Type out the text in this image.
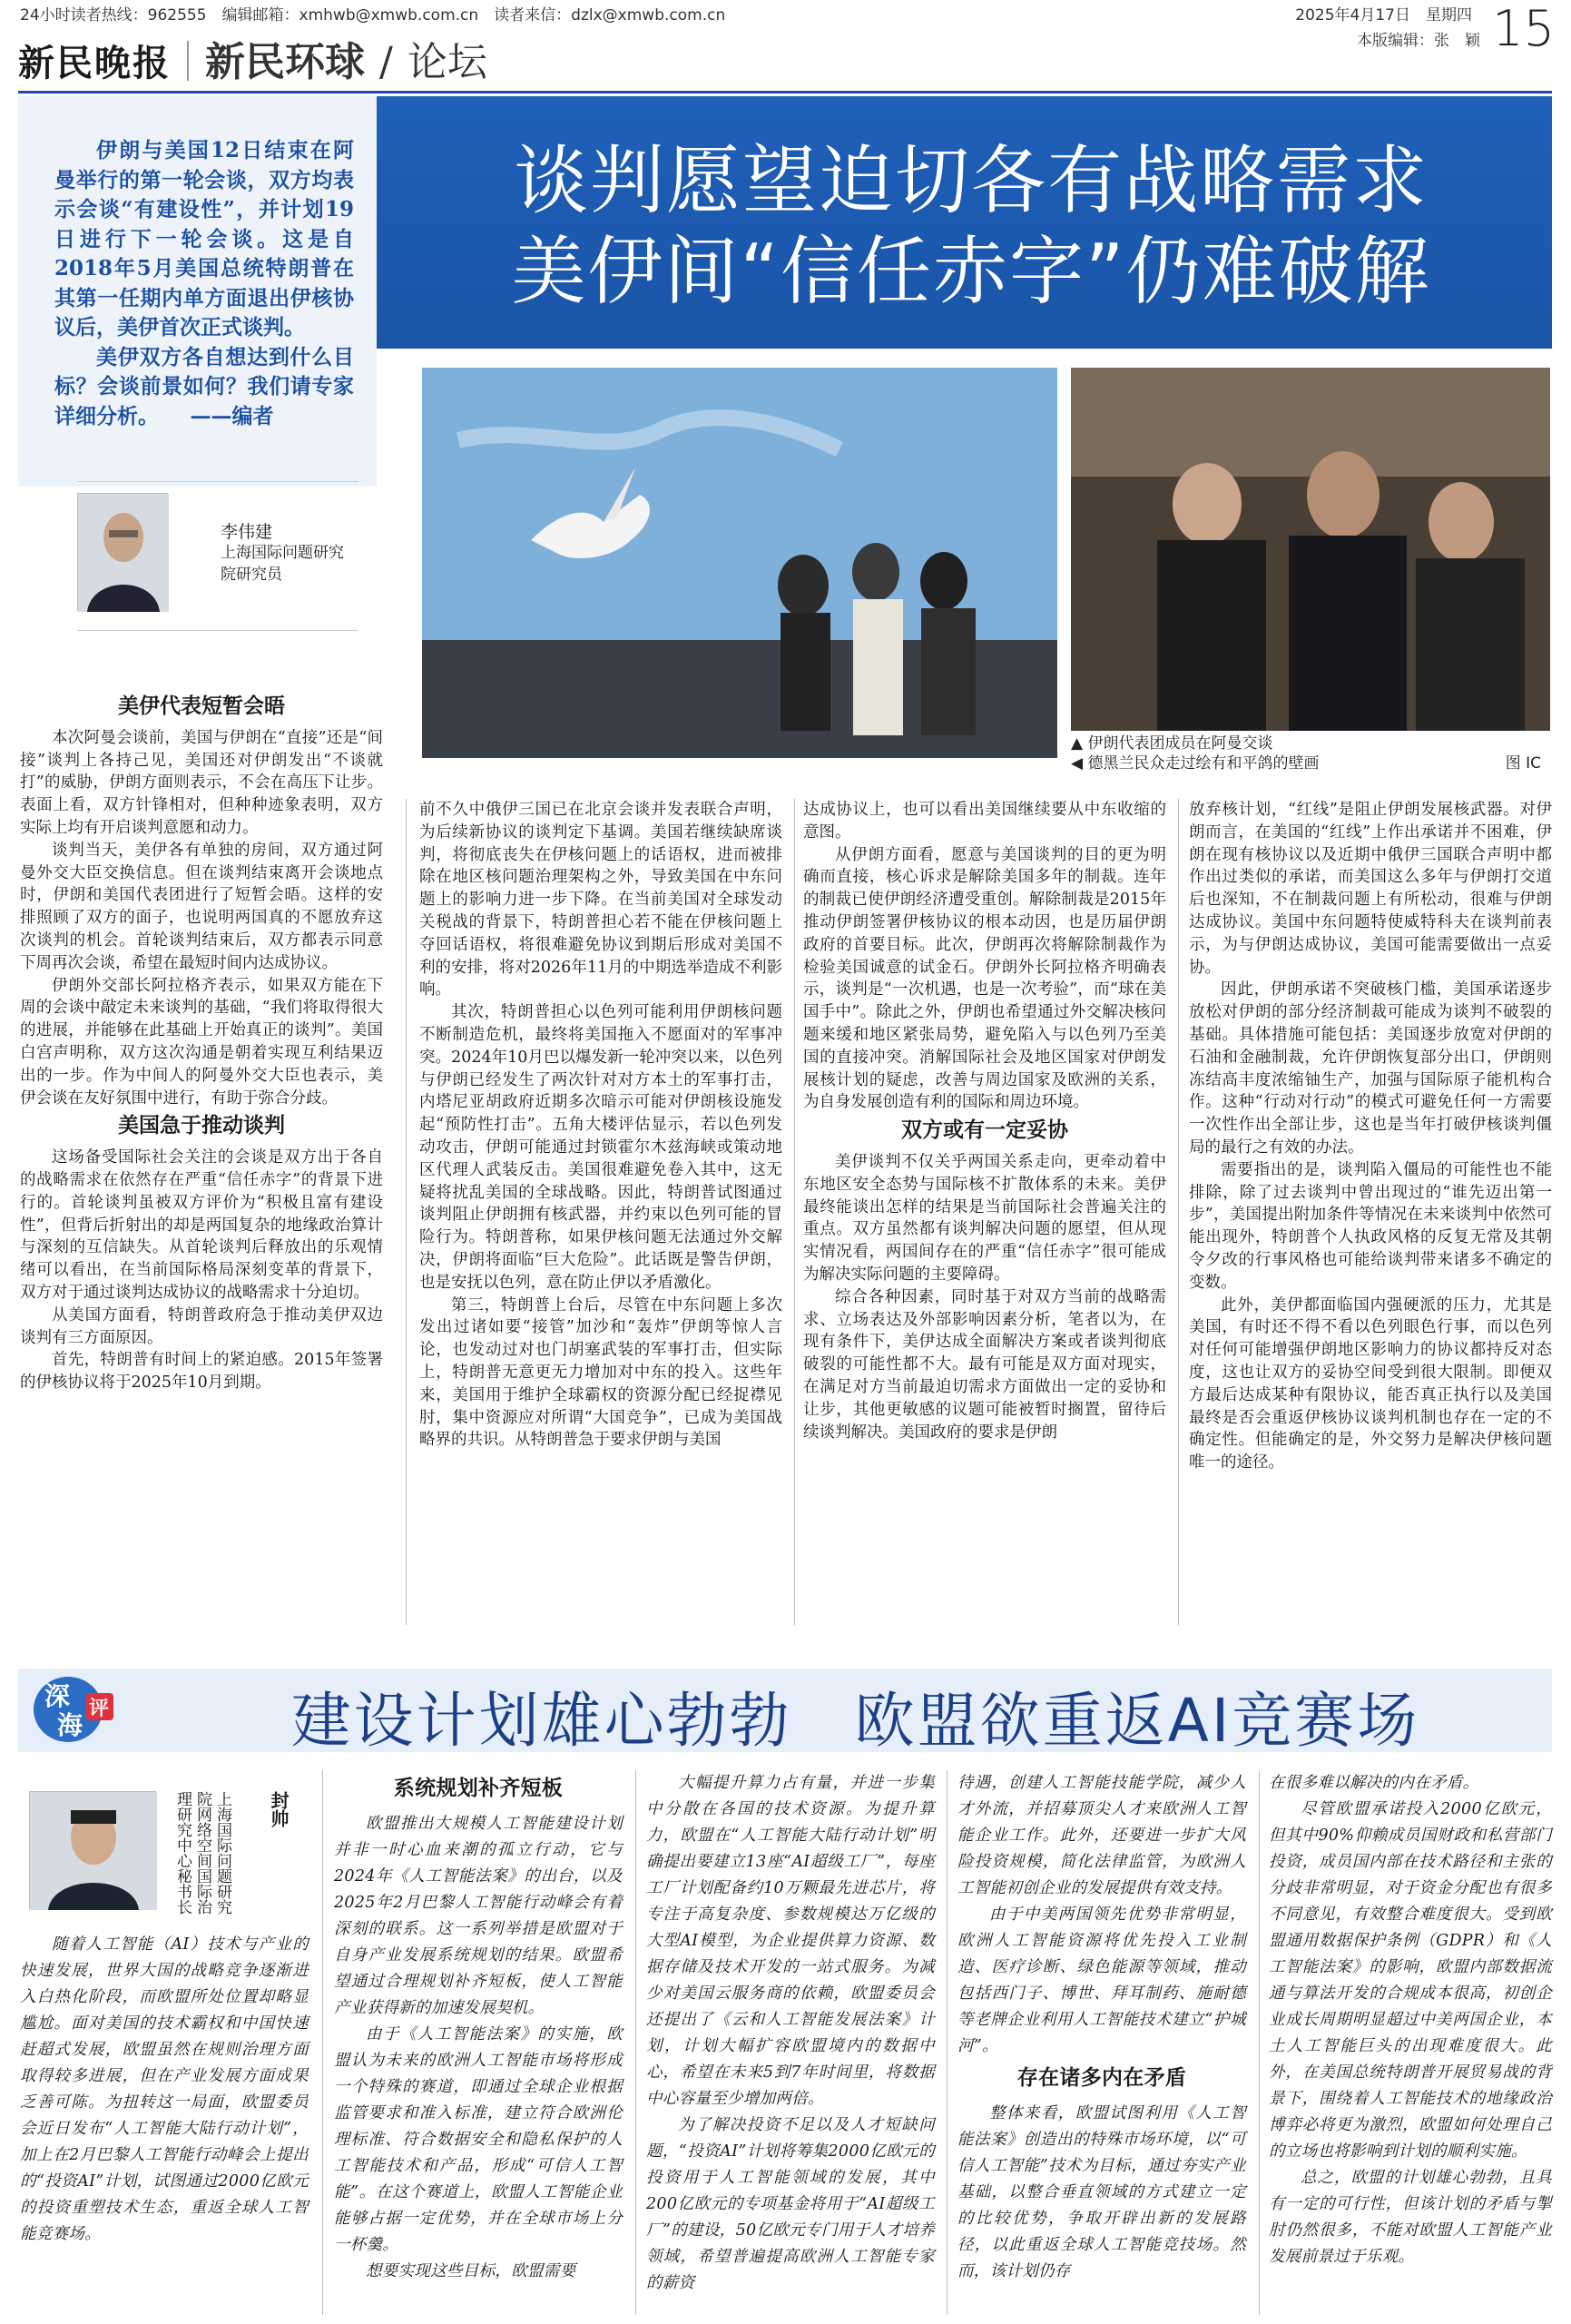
24小时读者热线：962555　编辑邮箱：xmhwb@xmwb.com.cn　读者来信：dzlx@xmwb.com.cn	2025年4月17日　星期四 15
本版编辑：张　颖
新民晚报 新民环球 / 论坛

伊朗与美国12日结束在阿曼举行的第一轮会谈，双方均表示会谈“有建设性”，并计划19日进行下一轮会谈。这是自2018年5月美国总统特朗普在其第一任期内单方面退出伊核协议后，美伊首次正式谈判。

美伊双方各自想达到什么目标？会谈前景如何？我们请专家详细分析。　　——编者

谈判愿望迫切各有战略需求
美伊间“信任赤字”仍难破解
▲ 伊朗代表团成员在阿曼交谈
◀ 德黑兰民众走过绘有和平鸽的壁画	图 IC
李伟建
上海国际问题研究院研究员
美伊代表短暂会晤

本次阿曼会谈前，美国与伊朗在“直接”还是“间接”谈判上各持己见，美国还对伊朗发出“不谈就打”的威胁，伊朗方面则表示，不会在高压下让步。表面上看，双方针锋相对，但种种迹象表明，双方实际上均有开启谈判意愿和动力。

谈判当天，美伊各有单独的房间，双方通过阿曼外交大臣交换信息。但在谈判结束离开会谈地点时，伊朗和美国代表团进行了短暂会晤。这样的安排照顾了双方的面子，也说明两国真的不愿放弃这次谈判的机会。首轮谈判结束后，双方都表示同意下周再次会谈，希望在最短时间内达成协议。

伊朗外交部长阿拉格齐表示，如果双方能在下周的会谈中敲定未来谈判的基础，“我们将取得很大的进展，并能够在此基础上开始真正的谈判”。美国白宫声明称，双方这次沟通是朝着实现互利结果迈出的一步。作为中间人的阿曼外交大臣也表示，美伊会谈在友好氛围中进行，有助于弥合分歧。

美国急于推动谈判

这场备受国际社会关注的会谈是双方出于各自的战略需求在依然存在严重“信任赤字”的背景下进行的。首轮谈判虽被双方评价为“积极且富有建设性”，但背后折射出的却是两国复杂的地缘政治算计与深刻的互信缺失。从首轮谈判后释放出的乐观情绪可以看出，在当前国际格局深刻变革的背景下，双方对于通过谈判达成协议的战略需求十分迫切。

从美国方面看，特朗普政府急于推动美伊双边谈判有三方面原因。

首先，特朗普有时间上的紧迫感。2015年签署的伊核协议将于2025年10月到期。

前不久中俄伊三国已在北京会谈并发表联合声明，为后续新协议的谈判定下基调。美国若继续缺席谈判，将彻底丧失在伊核问题上的话语权，进而被排除在地区核问题治理架构之外，导致美国在中东问题上的影响力进一步下降。在当前美国对全球发动关税战的背景下，特朗普担心若不能在伊核问题上夺回话语权，将很难避免协议到期后形成对美国不利的安排，将对2026年11月的中期选举造成不利影响。

其次，特朗普担心以色列可能利用伊朗核问题不断制造危机，最终将美国拖入不愿面对的军事冲突。2024年10月巴以爆发新一轮冲突以来，以色列与伊朗已经发生了两次针对对方本土的军事打击，内塔尼亚胡政府近期多次暗示可能对伊朗核设施发起“预防性打击”。五角大楼评估显示，若以色列发动攻击，伊朗可能通过封锁霍尔木兹海峡或策动地区代理人武装反击。美国很难避免卷入其中，这无疑将扰乱美国的全球战略。因此，特朗普试图通过谈判阻止伊朗拥有核武器，并约束以色列可能的冒险行为。特朗普称，如果伊核问题无法通过外交解决，伊朗将面临“巨大危险”。此话既是警告伊朗，也是安抚以色列，意在防止伊以矛盾激化。

第三，特朗普上台后，尽管在中东问题上多次发出过诸如要“接管”加沙和“轰炸”伊朗等惊人言论，也发动过对也门胡塞武装的军事打击，但实际上，特朗普无意更无力增加对中东的投入。这些年来，美国用于维护全球霸权的资源分配已经捉襟见肘，集中资源应对所谓“大国竞争”，已成为美国战略界的共识。从特朗普急于要求伊朗与美国

达成协议上，也可以看出美国继续要从中东收缩的意图。

从伊朗方面看，愿意与美国谈判的目的更为明确而直接，核心诉求是解除美国多年的制裁。连年的制裁已使伊朗经济遭受重创。解除制裁是2015年推动伊朗签署伊核协议的根本动因，也是历届伊朗政府的首要目标。此次，伊朗再次将解除制裁作为检验美国诚意的试金石。伊朗外长阿拉格齐明确表示，谈判是“一次机遇，也是一次考验”，而“球在美国手中”。除此之外，伊朗也希望通过外交解决核问题来缓和地区紧张局势，避免陷入与以色列乃至美国的直接冲突。消解国际社会及地区国家对伊朗发展核计划的疑虑，改善与周边国家及欧洲的关系，为自身发展创造有利的国际和周边环境。

双方或有一定妥协

美伊谈判不仅关乎两国关系走向，更牵动着中东地区安全态势与国际核不扩散体系的未来。美伊最终能谈出怎样的结果是当前国际社会普遍关注的重点。双方虽然都有谈判解决问题的愿望，但从现实情况看，两国间存在的严重“信任赤字”很可能成为解决实际问题的主要障碍。

综合各种因素，同时基于对双方当前的战略需求、立场表达及外部影响因素分析，笔者以为，在现有条件下，美伊达成全面解决方案或者谈判彻底破裂的可能性都不大。最有可能是双方面对现实，在满足对方当前最迫切需求方面做出一定的妥协和让步，其他更敏感的议题可能被暂时搁置，留待后续谈判解决。美国政府的要求是伊朗

放弃核计划，“红线”是阻止伊朗发展核武器。对伊朗而言，在美国的“红线”上作出承诺并不困难，伊朗在现有核协议以及近期中俄伊三国联合声明中都作出过类似的承诺，而美国这么多年与伊朗打交道后也深知，不在制裁问题上有所松动，很难与伊朗达成协议。美国中东问题特使威特科夫在谈判前表示，为与伊朗达成协议，美国可能需要做出一点妥协。

因此，伊朗承诺不突破核门槛，美国承诺逐步放松对伊朗的部分经济制裁可能成为谈判不破裂的基础。具体措施可能包括：美国逐步放宽对伊朗的石油和金融制裁，允许伊朗恢复部分出口，伊朗则冻结高丰度浓缩铀生产，加强与国际原子能机构合作。这种“行动对行动”的模式可避免任何一方需要一次性作出全部让步，这也是当年打破伊核谈判僵局的最行之有效的办法。

需要指出的是，谈判陷入僵局的可能性也不能排除，除了过去谈判中曾出现过的“谁先迈出第一步”，美国提出附加条件等情况在未来谈判中依然可能出现外，特朗普个人执政风格的反复无常及其朝令夕改的行事风格也可能给谈判带来诸多不确定的变数。

此外，美伊都面临国内强硬派的压力，尤其是美国，有时还不得不看以色列眼色行事，而以色列对任何可能增强伊朗地区影响力的协议都持反对态度，这也让双方的妥协空间受到很大限制。即便双方最后达成某种有限协议，能否真正执行以及美国最终是否会重返伊核协议谈判机制也存在一定的不确定性。但能确定的是，外交努力是解决伊核问题唯一的途径。

建设计划雄心勃勃　欧盟欲重返AI竞赛场
深
海
评
封帅
上海国际问题研究院网络空间国际治理研究中心秘书长

随着人工智能（AI）技术与产业的快速发展，世界大国的战略竞争逐渐进入白热化阶段，而欧盟所处位置却略显尴尬。面对美国的技术霸权和中国快速赶超式发展，欧盟虽然在规则治理方面取得较多进展，但在产业发展方面成果乏善可陈。为扭转这一局面，欧盟委员会近日发布“人工智能大陆行动计划”，加上在2月巴黎人工智能行动峰会上提出的“投资AI”计划，试图通过2000亿欧元的投资重塑技术生态，重返全球人工智能竞赛场。

系统规划补齐短板

欧盟推出大规模人工智能建设计划并非一时心血来潮的孤立行动，它与2024年《人工智能法案》的出台，以及2025年2月巴黎人工智能行动峰会有着深刻的联系。这一系列举措是欧盟对于自身产业发展系统规划的结果。欧盟希望通过合理规划补齐短板，使人工智能产业获得新的加速发展契机。

由于《人工智能法案》的实施，欧盟认为未来的欧洲人工智能市场将形成一个特殊的赛道，即通过全球企业根据监管要求和准入标准，建立符合欧洲伦理标准、符合数据安全和隐私保护的人工智能技术和产品，形成“可信人工智能”。在这个赛道上，欧盟人工智能企业能够占据一定优势，并在全球市场上分一杯羹。

想要实现这些目标，欧盟需要

大幅提升算力占有量，并进一步集中分散在各国的技术资源。为提升算力，欧盟在“人工智能大陆行动计划”明确提出要建立13座“AI超级工厂”，每座工厂计划配备约10万颗最先进芯片，将专注于高复杂度、参数规模达万亿级的大型AI模型，为企业提供算力资源、数据存储及技术开发的一站式服务。为减少对美国云服务商的依赖，欧盟委员会还提出了《云和人工智能发展法案》计划，计划大幅扩容欧盟境内的数据中心，希望在未来5到7年时间里，将数据中心容量至少增加两倍。

为了解决投资不足以及人才短缺问题，“投资AI”计划将筹集2000亿欧元的投资用于人工智能领域的发展，其中200亿欧元的专项基金将用于“AI超级工厂”的建设，50亿欧元专门用于人才培养领域，希望普遍提高欧洲人工智能专家的薪资

待遇，创建人工智能技能学院，减少人才外流，并招募顶尖人才来欧洲人工智能企业工作。此外，还要进一步扩大风险投资规模，简化法律监管，为欧洲人工智能初创企业的发展提供有效支持。

由于中美两国领先优势非常明显，欧洲人工智能资源将优先投入工业制造、医疗诊断、绿色能源等领域，推动包括西门子、博世、拜耳制药、施耐德等老牌企业利用人工智能技术建立“护城河”。

存在诸多内在矛盾

整体来看，欧盟试图利用《人工智能法案》创造出的特殊市场环境，以“可信人工智能”技术为目标，通过夯实产业基础，以整合垂直领域的方式建立一定的比较优势，争取开辟出新的发展路径，以此重返全球人工智能竞技场。然而，该计划仍存

在很多难以解决的内在矛盾。

尽管欧盟承诺投入2000亿欧元，但其中90%仰赖成员国财政和私营部门投资，成员国内部在技术路径和主张的分歧非常明显，对于资金分配也有很多不同意见，有效整合难度很大。受到欧盟通用数据保护条例（GDPR）和《人工智能法案》的影响，欧盟内部数据流通与算法开发的合规成本很高，初创企业成长周期明显超过中美两国企业，本土人工智能巨头的出现难度很大。此外，在美国总统特朗普开展贸易战的背景下，围绕着人工智能技术的地缘政治博弈必将更为激烈，欧盟如何处理自己的立场也将影响到计划的顺利实施。

总之，欧盟的计划雄心勃勃，且具有一定的可行性，但该计划的矛盾与掣肘仍然很多，不能对欧盟人工智能产业发展前景过于乐观。
